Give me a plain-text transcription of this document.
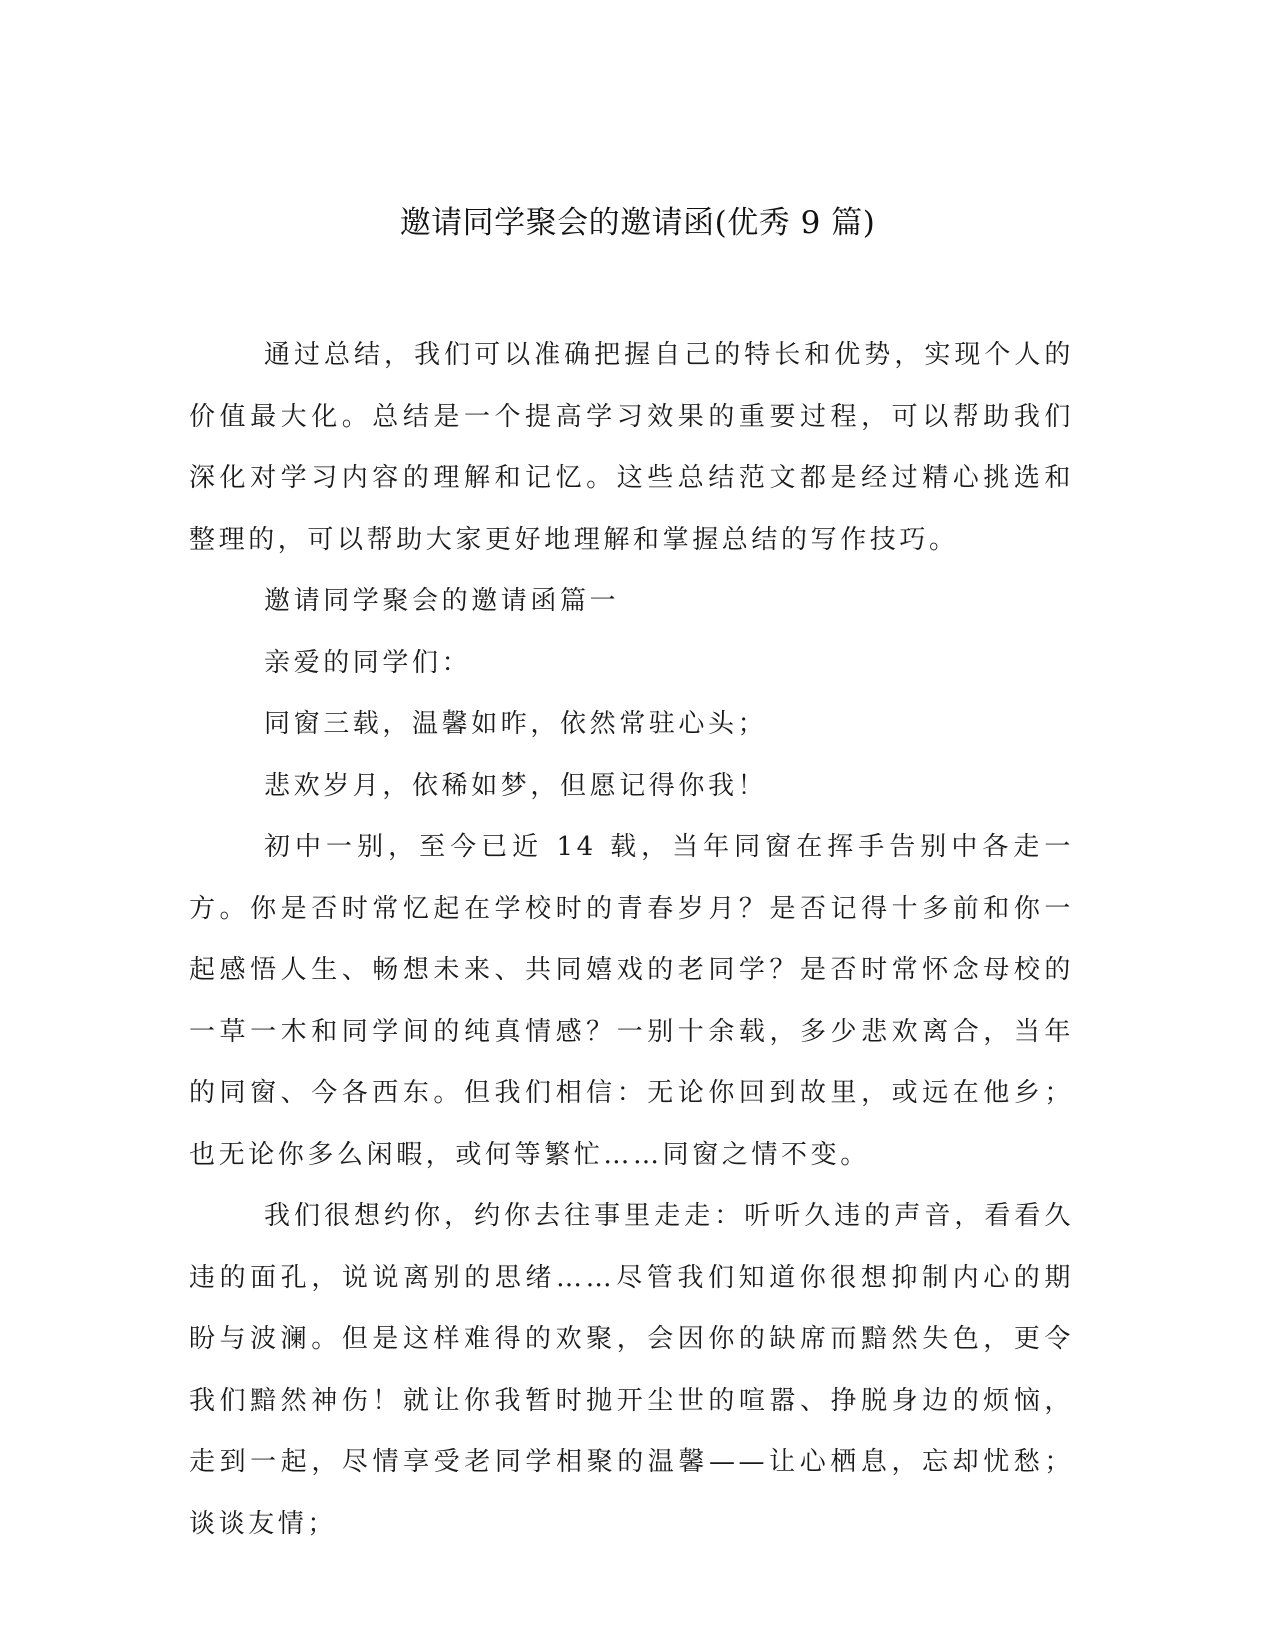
邀请同学聚会的邀请函(优秀 9 篇)

通过总结，我们可以准确把握自己的特长和优势，实现个人的价值最大化。总结是一个提高学习效果的重要过程，可以帮助我们深化对学习内容的理解和记忆。这些总结范文都是经过精心挑选和整理的，可以帮助大家更好地理解和掌握总结的写作技巧。

邀请同学聚会的邀请函篇一

亲爱的同学们：

同窗三载，温馨如昨，依然常驻心头；

悲欢岁月，依稀如梦，但愿记得你我！

初中一别，至今已近 14 载，当年同窗在挥手告别中各走一方。你是否时常忆起在学校时的青春岁月？是否记得十多前和你一起感悟人生、畅想未来、共同嬉戏的老同学？是否时常怀念母校的一草一木和同学间的纯真情感？一别十余载，多少悲欢离合，当年的同窗、今各西东。但我们相信：无论你回到故里，或远在他乡；也无论你多么闲暇，或何等繁忙……同窗之情不变。

我们很想约你，约你去往事里走走：听听久违的声音，看看久违的面孔，说说离别的思绪……尽管我们知道你很想抑制内心的期盼与波澜。但是这样难得的欢聚，会因你的缺席而黯然失色，更令我们黯然神伤！就让你我暂时抛开尘世的喧嚣、挣脱身边的烦恼，走到一起，尽情享受老同学相聚的温馨——让心栖息，忘却忧愁；谈谈友情；
